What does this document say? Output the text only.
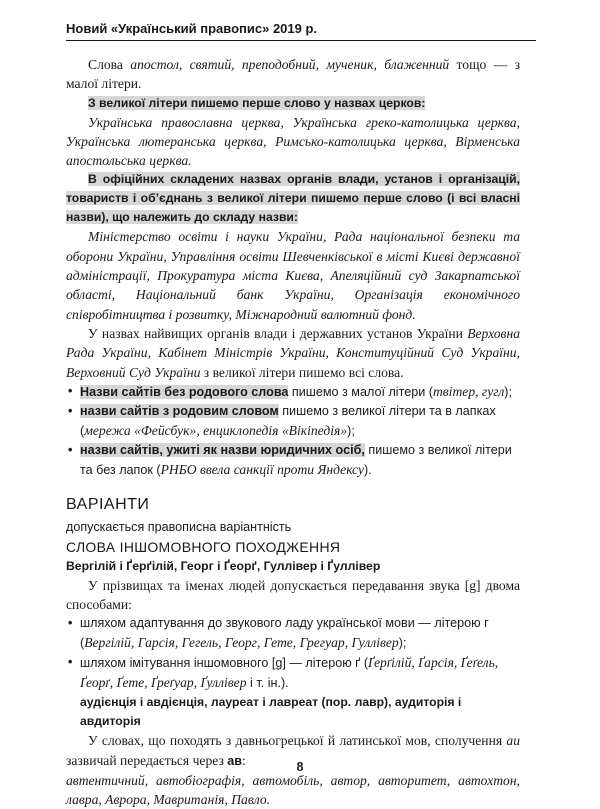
Новий «Український правопис» 2019 р.

Слова апостол, святий, преподобний, мученик, блаженний тощо — з малої літери.

З великої літери пишемо перше слово у назвах церков:

Українська православна церква, Українська греко-католицька церква, Українська лютеранська церква, Римсько-католицька церква, Вірменська апостольська церква.

В офіційних складених назвах органів влади, установ і організацій, товариств і об’єднань з великої літери пишемо перше слово (і всі власні назви), що належить до складу назви:

Міністерство освіти і науки України, Рада національної безпеки та оборони України, Управління освіти Шевченківської в місті Києві державної адміністрації, Прокуратура міста Києва, Апеляційний суд Закарпатської області, Національний банк України, Організація економічного співробітництва і розвитку, Міжнародний валютний фонд.

У назвах найвищих органів влади і державних установ України Верховна Рада України, Кабінет Міністрів України, Конституційний Суд України, Верховний Суд України з великої літери пишемо всі слова.

• Назви сайтів без родового слова пишемо з малої літери (твітер, гугл);
• назви сайтів з родовим словом пишемо з великої літери та в лапках (мережа «Фейсбук», енциклопедія «Вікіпедія»);
• назви сайтів, ужиті як назви юридичних осіб, пишемо з великої літери та без лапок (РНБО ввела санкції проти Яндексу).
ВАРІАНТИ
допускається правописна варіантність
СЛОВА ІНШОМОВНОГО ПОХОДЖЕННЯ
Вергілій і Ґерґілій, Георг і Ґеорґ, Гуллівер і Ґуллівер

У прізвищах та іменах людей допускається передавання звука [g] двома способами:

• шляхом адаптування до звукового ладу української мови — літерою г (Вергілій, Гарсія, Гегель, Георг, Гете, Грегуар, Гуллівер);
• шляхом імітування іншомовного [g] — літерою ґ (Ґерґілій, Ґарсія, Ґеґель, Ґеорґ, Ґете, Ґреґуар, Ґуллівер і т. ін.).
аудієнція і авдієнція, лауреат і лавреат (пор. лавр), аудиторія і авдиторія

У словах, що походять з давньогрецької й латинської мов, сполучення au зазвичай передається через ав:

автентичний, автобіографія, автомобіль, автор, авторитет, автохтон, лавра, Аврора, Мавританія, Павло.

8
